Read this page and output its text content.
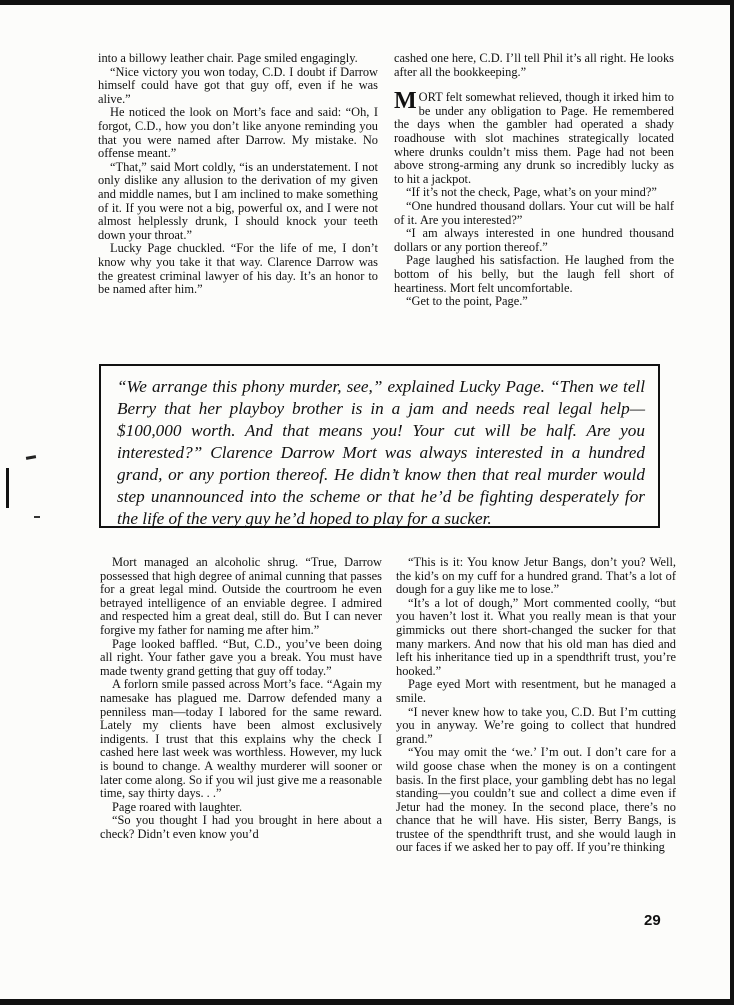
into a billowy leather chair. Page smiled engagingly.

“Nice victory you won today, C.D. I doubt if Darrow himself could have got that guy off, even if he was alive.”

He noticed the look on Mort’s face and said: “Oh, I forgot, C.D., how you don’t like anyone reminding you that you were named after Darrow. My mistake. No offense meant.”

“That,” said Mort coldly, “is an understatement. I not only dislike any allusion to the derivation of my given and middle names, but I am inclined to make something of it. If you were not a big, powerful ox, and I were not almost helplessly drunk, I should knock your teeth down your throat.”

Lucky Page chuckled. “For the life of me, I don’t know why you take it that way. Clarence Darrow was the greatest criminal lawyer of his day. It’s an honor to be named after him.”

cashed one here, C.D. I’ll tell Phil it’s all right. He looks after all the bookkeeping.”

MORT felt somewhat relieved, though it irked him to be under any obligation to Page. He remembered the days when the gambler had operated a shady roadhouse with slot machines strategically located where drunks couldn’t miss them. Page had not been above strong-arming any drunk so incredibly lucky as to hit a jackpot.

“If it’s not the check, Page, what’s on your mind?”

“One hundred thousand dollars. Your cut will be half of it. Are you interested?”

“I am always interested in one hundred thousand dollars or any portion thereof.”

Page laughed his satisfaction. He laughed from the bottom of his belly, but the laugh fell short of heartiness. Mort felt uncomfortable.

“Get to the point, Page.”

“We arrange this phony murder, see,” explained Lucky Page. “Then we tell Berry that her playboy brother is in a jam and needs real legal help—$100,000 worth. And that means you! Your cut will be half. Are you interested?” Clarence Darrow Mort was always interested in a hundred grand, or any portion thereof. He didn’t know then that real murder would step unannounced into the scheme or that he’d be fighting desperately for the life of the very guy he’d hoped to play for a sucker.

Mort managed an alcoholic shrug. “True, Darrow possessed that high degree of animal cunning that passes for a great legal mind. Outside the courtroom he even betrayed intelligence of an enviable degree. I admired and respected him a great deal, still do. But I can never forgive my father for naming me after him.”

Page looked baffled. “But, C.D., you’ve been doing all right. Your father gave you a break. You must have made twenty grand getting that guy off today.”

A forlorn smile passed across Mort’s face. “Again my namesake has plagued me. Darrow defended many a penniless man—today I labored for the same reward. Lately my clients have been almost exclusively indigents. I trust that this explains why the check I cashed here last week was worthless. However, my luck is bound to change. A wealthy murderer will sooner or later come along. So if you wil just give me a reasonable time, say thirty days. . .”

Page roared with laughter.

“So you thought I had you brought in here about a check? Didn’t even know you’d

“This is it: You know Jetur Bangs, don’t you? Well, the kid’s on my cuff for a hundred grand. That’s a lot of dough for a guy like me to lose.”

“It’s a lot of dough,” Mort commented coolly, “but you haven’t lost it. What you really mean is that your gimmicks out there short-changed the sucker for that many markers. And now that his old man has died and left his inheritance tied up in a spendthrift trust, you’re hooked.”

Page eyed Mort with resentment, but he managed a smile.

“I never knew how to take you, C.D. But I’m cutting you in anyway. We’re going to collect that hundred grand.”

“You may omit the ‘we.’ I’m out. I don’t care for a wild goose chase when the money is on a contingent basis. In the first place, your gambling debt has no legal standing—you couldn’t sue and collect a dime even if Jetur had the money. In the second place, there’s no chance that he will have. His sister, Berry Bangs, is trustee of the spendthrift trust, and she would laugh in our faces if we asked her to pay off. If you’re thinking

29
